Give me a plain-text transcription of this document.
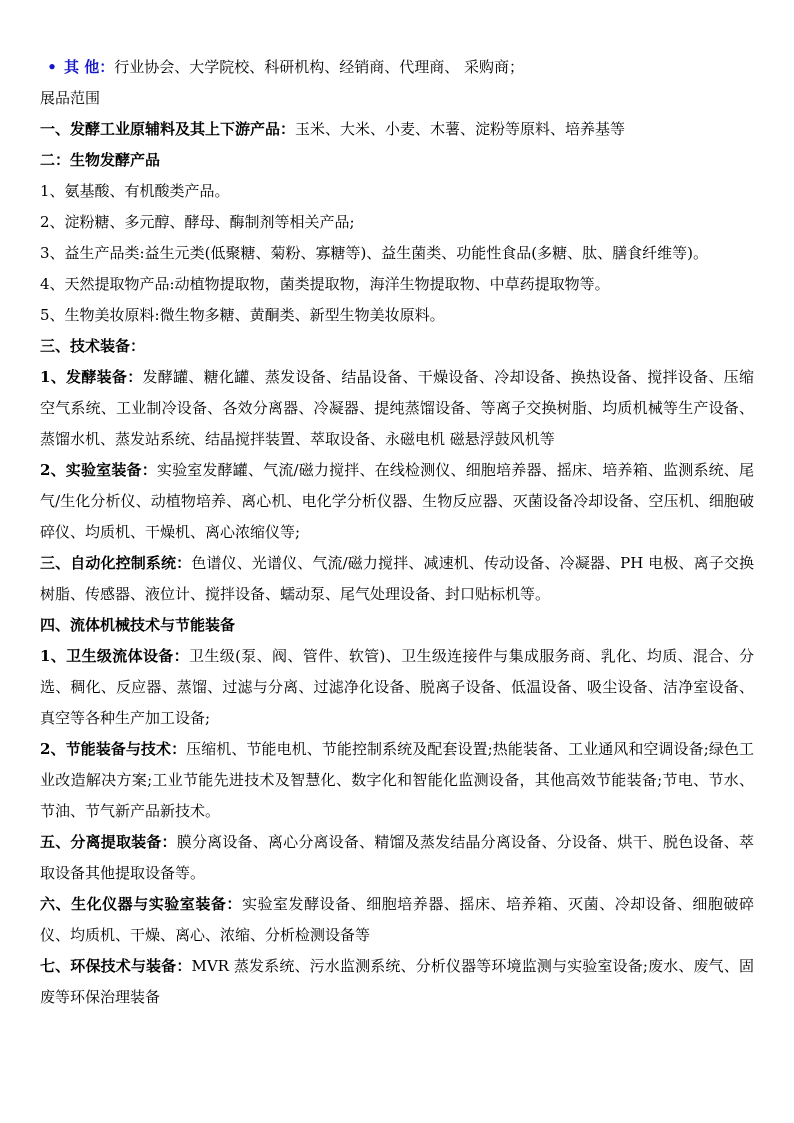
• 其 他：行业协会、大学院校、科研机构、经销商、代理商、 采购商；
展品范围
一、发酵工业原辅料及其上下游产品：玉米、大米、小麦、木薯、淀粉等原料、培养基等
二：生物发酵产品
1、氨基酸、有机酸类产品。
2、淀粉糖、多元醇、酵母、酶制剂等相关产品;
3、益生产品类:益生元类(低聚糖、菊粉、寡糖等)、益生菌类、功能性食品(多糖、肽、膳食纤维等)。
4、天然提取物产品:动植物提取物，菌类提取物，海洋生物提取物、中草药提取物等。
5、生物美妆原料:微生物多糖、黄酮类、新型生物美妆原料。
三、技术装备：

1、发酵装备：发酵罐、糖化罐、蒸发设备、结晶设备、干燥设备、冷却设备、换热设备、搅拌设备、压缩空气系统、工业制冷设备、各效分离器、冷凝器、提纯蒸馏设备、等离子交换树脂、均质机械等生产设备、蒸馏水机、蒸发站系统、结晶搅拌装置、萃取设备、永磁电机 磁悬浮鼓风机等

2、实验室装备：实验室发酵罐、气流/磁力搅拌、在线检测仪、细胞培养器、摇床、培养箱、监测系统、尾气/生化分析仪、动植物培养、离心机、电化学分析仪器、生物反应器、灭菌设备冷却设备、空压机、细胞破碎仪、均质机、干燥机、离心浓缩仪等;

三、自动化控制系统：色谱仪、光谱仪、气流/磁力搅拌、减速机、传动设备、冷凝器、PH 电极、离子交换树脂、传感器、液位计、搅拌设备、蠕动泵、尾气处理设备、封口贴标机等。

四、流体机械技术与节能装备

1、卫生级流体设备：卫生级(泵、阀、管件、软管)、卫生级连接件与集成服务商、乳化、均质、混合、分选、稠化、反应器、蒸馏、过滤与分离、过滤净化设备、脱离子设备、低温设备、吸尘设备、洁净室设备、真空等各种生产加工设备;

2、节能装备与技术：压缩机、节能电机、节能控制系统及配套设置;热能装备、工业通风和空调设备;绿色工业改造解决方案;工业节能先进技术及智慧化、数字化和智能化监测设备，其他高效节能装备;节电、节水、节油、节气新产品新技术。

五、分离提取装备：膜分离设备、离心分离设备、精馏及蒸发结晶分离设备、分设备、烘干、脱色设备、萃取设备其他提取设备等。

六、生化仪器与实验室装备：实验室发酵设备、细胞培养器、摇床、培养箱、灭菌、冷却设备、细胞破碎仪、均质机、干燥、离心、浓缩、分析检测设备等

七、环保技术与装备：MVR 蒸发系统、污水监测系统、分析仪器等环境监测与实验室设备;废水、废气、固废等环保治理装备
